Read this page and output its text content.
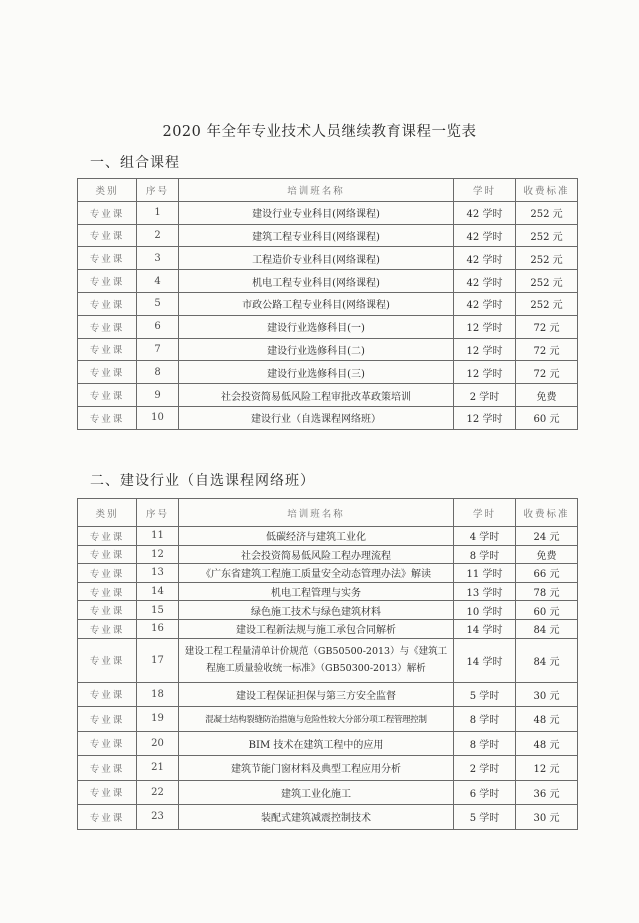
2020 年全年专业技术人员继续教育课程一览表
一、组合课程
类别	序号	培训班名称	学时	收费标准
专业课	1	建设行业专业科目(网络课程)	42 学时	252 元
专业课	2	建筑工程专业科目(网络课程)	42 学时	252 元
专业课	3	工程造价专业科目(网络课程)	42 学时	252 元
专业课	4	机电工程专业科目(网络课程)	42 学时	252 元
专业课	5	市政公路工程专业科目(网络课程)	42 学时	252 元
专业课	6	建设行业选修科目(一)	12 学时	72 元
专业课	7	建设行业选修科目(二)	12 学时	72 元
专业课	8	建设行业选修科目(三)	12 学时	72 元
专业课	9	社会投资简易低风险工程审批改革政策培训	2 学时	免费
专业课	10	建设行业（自选课程网络班）	12 学时	60 元
二、建设行业（自选课程网络班）
类别	序号	培训班名称	学时	收费标准
专业课	11	低碳经济与建筑工业化	4 学时	24 元
专业课	12	社会投资简易低风险工程办理流程	8 学时	免费
专业课	13	《广东省建筑工程施工质量安全动态管理办法》解读	11 学时	66 元
专业课	14	机电工程管理与实务	13 学时	78 元
专业课	15	绿色施工技术与绿色建筑材料	10 学时	60 元
专业课	16	建设工程新法规与施工承包合同解析	14 学时	84 元
专业课	17	建设工程工程量清单计价规范（GB50500-2013）与《建筑工程施工质量验收统一标准》（GB50300-2013）解析	14 学时	84 元
专业课	18	建设工程保证担保与第三方安全监督	5 学时	30 元
专业课	19	混凝土结构裂缝防治措施与危险性较大分部分项工程管理控制	8 学时	48 元
专业课	20	BIM 技术在建筑工程中的应用	8 学时	48 元
专业课	21	建筑节能门窗材料及典型工程应用分析	2 学时	12 元
专业课	22	建筑工业化施工	6 学时	36 元
专业课	23	装配式建筑减震控制技术	5 学时	30 元
